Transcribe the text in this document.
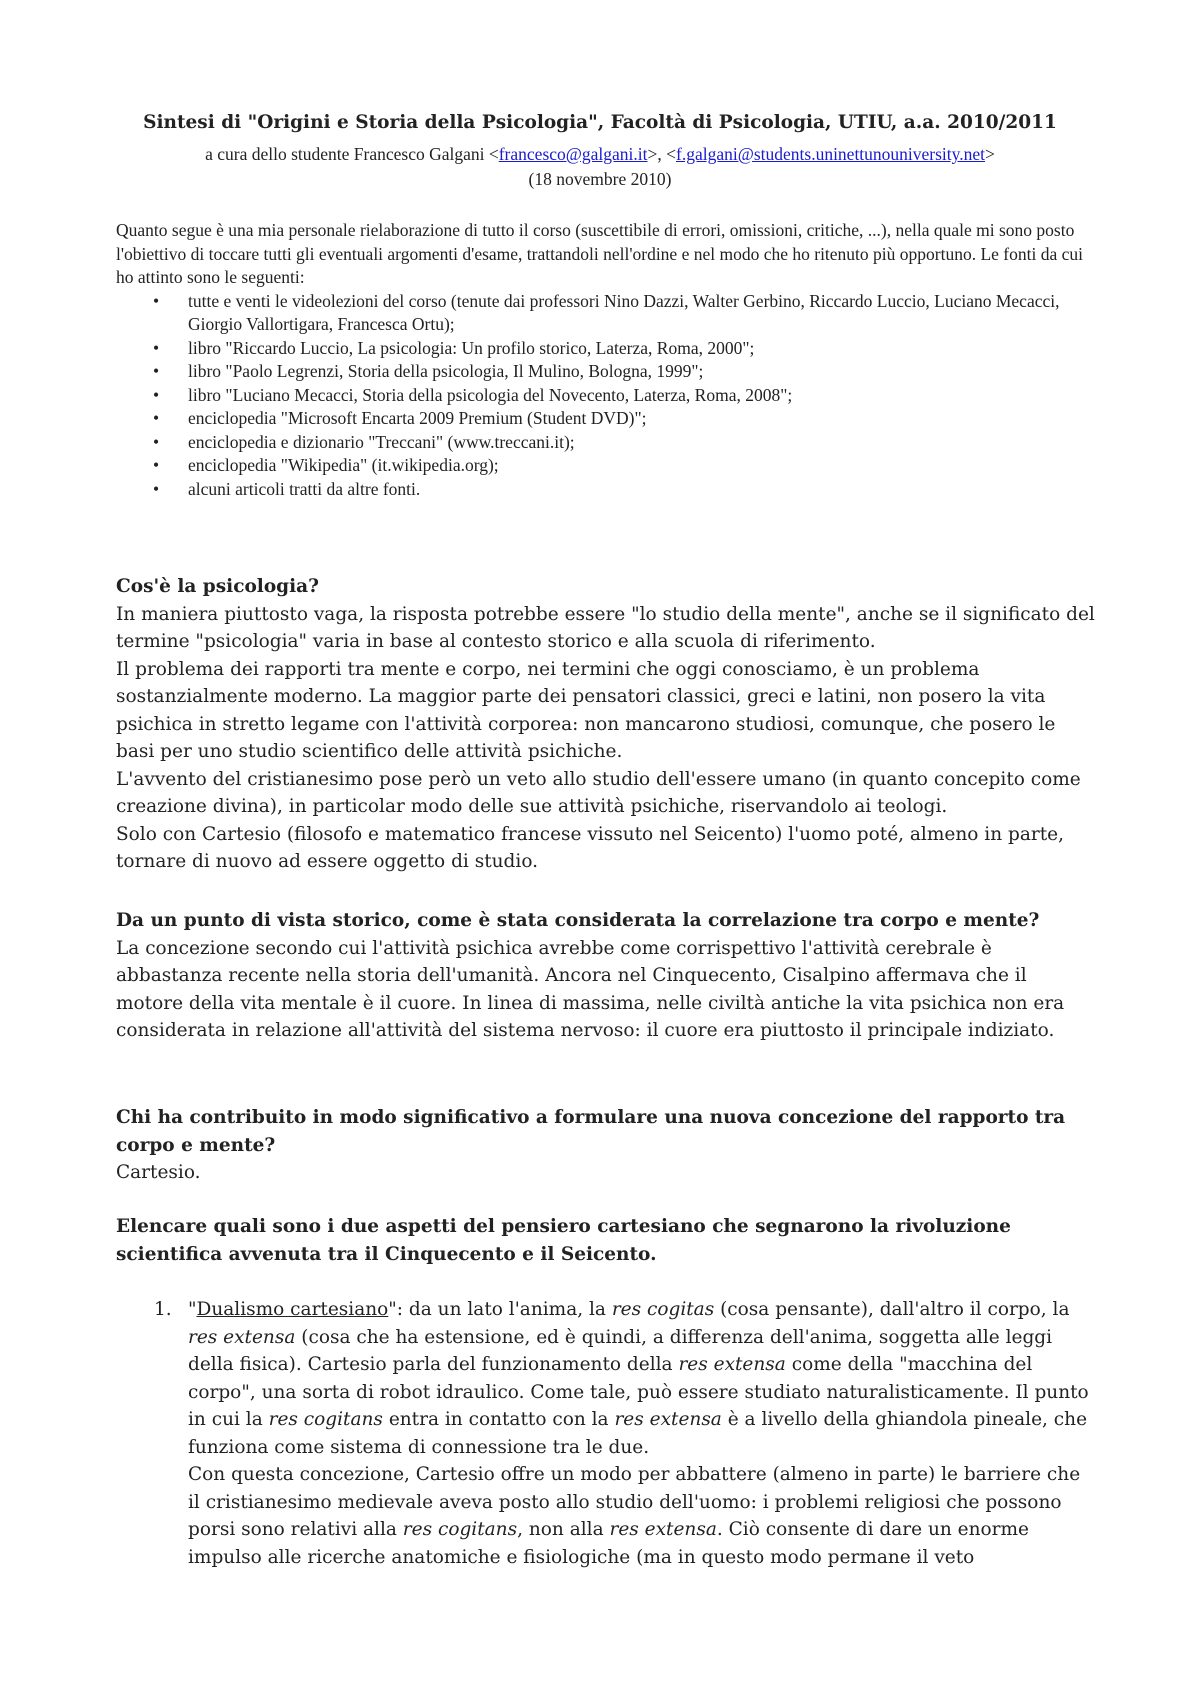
Sintesi di "Origini e Storia della Psicologia", Facoltà di Psicologia, UTIU, a.a. 2010/2011
a cura dello studente Francesco Galgani <francesco@galgani.it>, <f.galgani@students.uninettunouniversity.net>
(18 novembre 2010)

Quanto segue è una mia personale rielaborazione di tutto il corso (suscettibile di errori, omissioni, critiche, ...), nella quale mi sono posto l'obiettivo di toccare tutti gli eventuali argomenti d'esame, trattandoli nell'ordine e nel modo che ho ritenuto più opportuno. Le fonti da cui ho attinto sono le seguenti:

• tutte e venti le videolezioni del corso (tenute dai professori Nino Dazzi, Walter Gerbino, Riccardo Luccio, Luciano Mecacci, Giorgio Vallortigara, Francesca Ortu);
• libro "Riccardo Luccio, La psicologia: Un profilo storico, Laterza, Roma, 2000";
• libro "Paolo Legrenzi, Storia della psicologia, Il Mulino, Bologna, 1999";
• libro "Luciano Mecacci, Storia della psicologia del Novecento, Laterza, Roma, 2008";
• enciclopedia "Microsoft Encarta 2009 Premium (Student DVD)";
• enciclopedia e dizionario "Treccani" (www.treccani.it);
• enciclopedia "Wikipedia" (it.wikipedia.org);
• alcuni articoli tratti da altre fonti.
Cos'è la psicologia?

In maniera piuttosto vaga, la risposta potrebbe essere "lo studio della mente", anche se il significato del termine "psicologia" varia in base al contesto storico e alla scuola di riferimento.

Il problema dei rapporti tra mente e corpo, nei termini che oggi conosciamo, è un problema sostanzialmente moderno. La maggior parte dei pensatori classici, greci e latini, non posero la vita psichica in stretto legame con l'attività corporea: non mancarono studiosi, comunque, che posero le basi per uno studio scientifico delle attività psichiche.

L'avvento del cristianesimo pose però un veto allo studio dell'essere umano (in quanto concepito come creazione divina), in particolar modo delle sue attività psichiche, riservandolo ai teologi.

Solo con Cartesio (filosofo e matematico francese vissuto nel Seicento) l'uomo poté, almeno in parte, tornare di nuovo ad essere oggetto di studio.

Da un punto di vista storico, come è stata considerata la correlazione tra corpo e mente?

La concezione secondo cui l'attività psichica avrebbe come corrispettivo l'attività cerebrale è abbastanza recente nella storia dell'umanità. Ancora nel Cinquecento, Cisalpino affermava che il motore della vita mentale è il cuore. In linea di massima, nelle civiltà antiche la vita psichica non era considerata in relazione all'attività del sistema nervoso: il cuore era piuttosto il principale indiziato.

Chi ha contribuito in modo significativo a formulare una nuova concezione del rapporto tra corpo e mente?

Cartesio.

Elencare quali sono i due aspetti del pensiero cartesiano che segnarono la rivoluzione scientifica avvenuta tra il Cinquecento e il Seicento.
1. "Dualismo cartesiano": da un lato l'anima, la res cogitas (cosa pensante), dall'altro il corpo, la res extensa (cosa che ha estensione, ed è quindi, a differenza dell'anima, soggetta alle leggi della fisica). Cartesio parla del funzionamento della res extensa come della "macchina del corpo", una sorta di robot idraulico. Come tale, può essere studiato naturalisticamente. Il punto in cui la res cogitans entra in contatto con la res extensa è a livello della ghiandola pineale, che funziona come sistema di connessione tra le due.

Con questa concezione, Cartesio offre un modo per abbattere (almeno in parte) le barriere che il cristianesimo medievale aveva posto allo studio dell'uomo: i problemi religiosi che possono porsi sono relativi alla res cogitans, non alla res extensa. Ciò consente di dare un enorme impulso alle ricerche anatomiche e fisiologiche (ma in questo modo permane il veto
